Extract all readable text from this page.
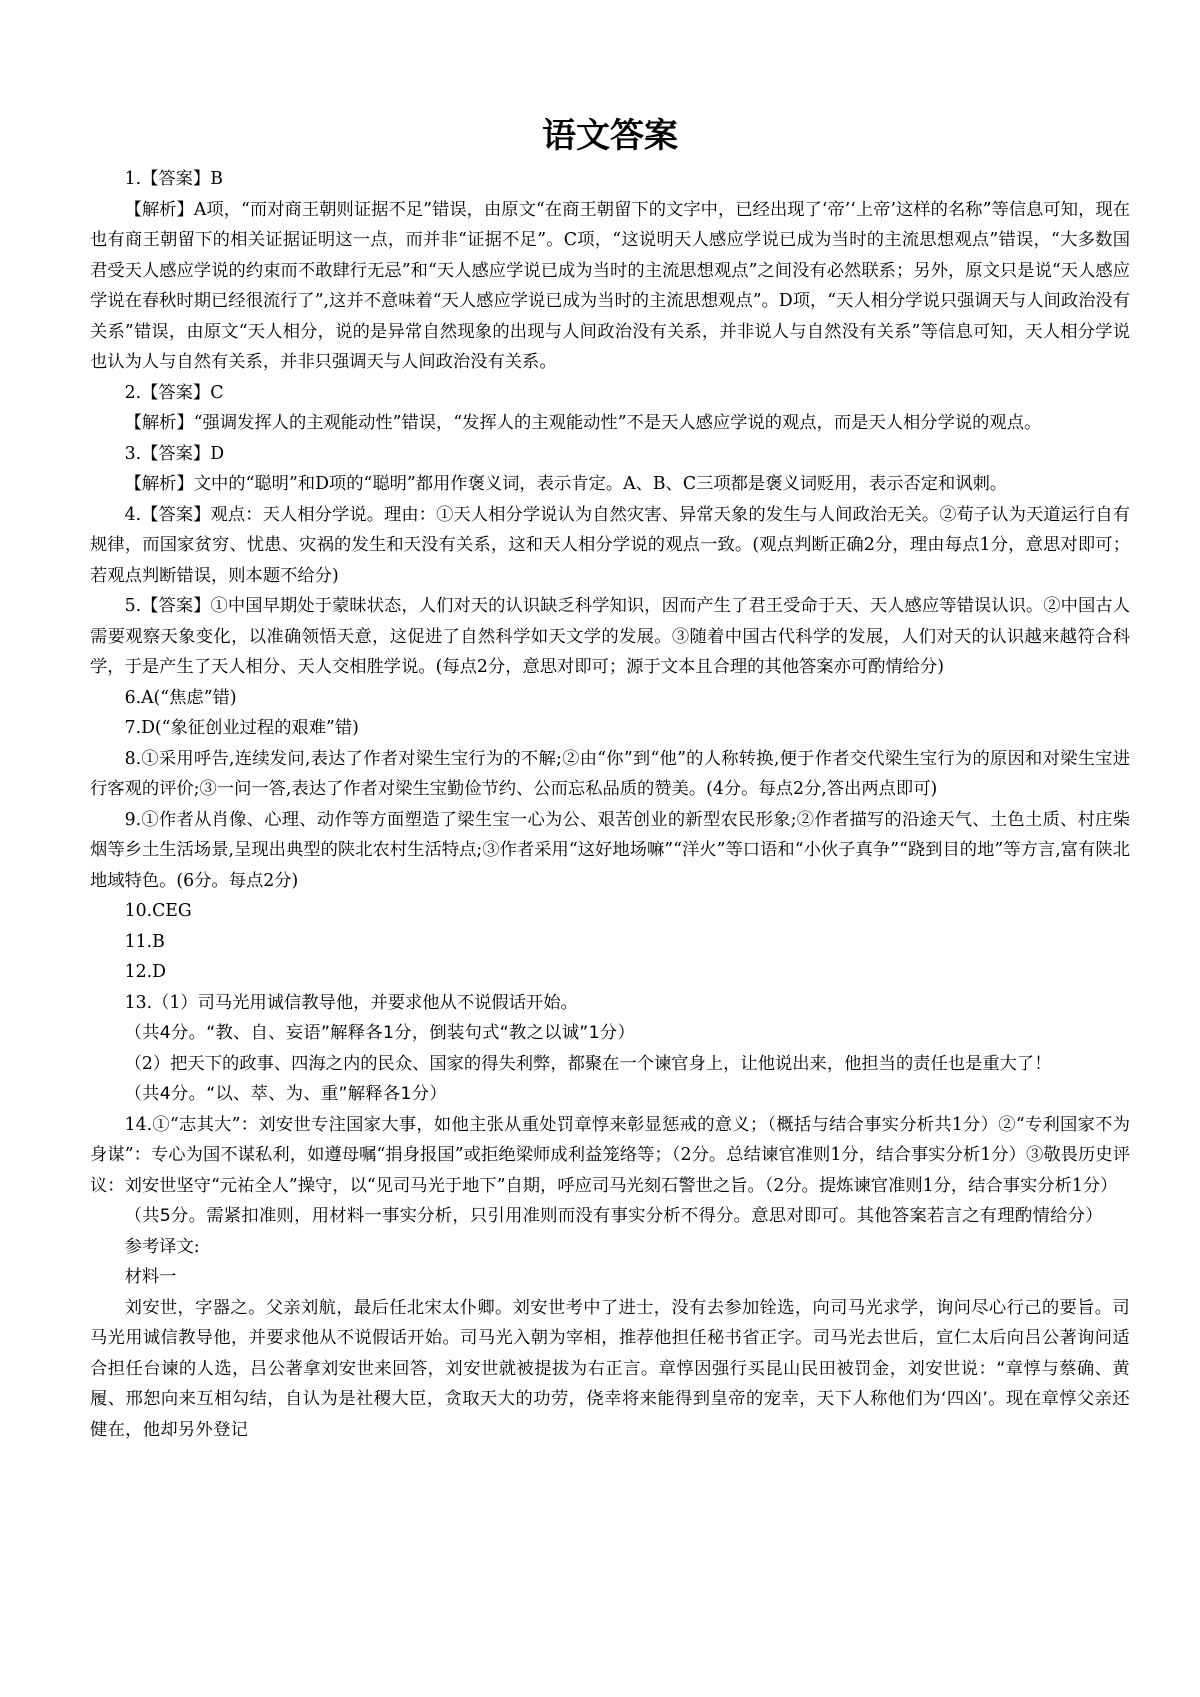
语文答案

1.【答案】B

【解析】A项，“而对商王朝则证据不足”错误，由原文“在商王朝留下的文字中，已经出现了‘帝’‘上帝’这样的名称”等信息可知，现在也有商王朝留下的相关证据证明这一点，而并非“证据不足”。C项，“这说明天人感应学说已成为当时的主流思想观点”错误，“大多数国君受天人感应学说的约束而不敢肆行无忌”和“天人感应学说已成为当时的主流思想观点”之间没有必然联系；另外，原文只是说“天人感应学说在春秋时期已经很流行了”,这并不意味着“天人感应学说已成为当时的主流思想观点”。D项，“天人相分学说只强调天与人间政治没有关系”错误，由原文“天人相分，说的是异常自然现象的出现与人间政治没有关系，并非说人与自然没有关系”等信息可知，天人相分学说也认为人与自然有关系，并非只强调天与人间政治没有关系。

2.【答案】C

【解析】“强调发挥人的主观能动性”错误，“发挥人的主观能动性”不是天人感应学说的观点，而是天人相分学说的观点。

3.【答案】D

【解析】文中的“聪明”和D项的“聪明”都用作褒义词，表示肯定。A、B、C三项都是褒义词贬用，表示否定和讽刺。

4.【答案】观点：天人相分学说。理由：①天人相分学说认为自然灾害、异常天象的发生与人间政治无关。②荀子认为天道运行自有规律，而国家贫穷、忧患、灾祸的发生和天没有关系，这和天人相分学说的观点一致。(观点判断正确2分，理由每点1分，意思对即可；若观点判断错误，则本题不给分)

5.【答案】①中国早期处于蒙昧状态，人们对天的认识缺乏科学知识，因而产生了君王受命于天、天人感应等错误认识。②中国古人需要观察天象变化，以准确领悟天意，这促进了自然科学如天文学的发展。③随着中国古代科学的发展，人们对天的认识越来越符合科学，于是产生了天人相分、天人交相胜学说。(每点2分，意思对即可；源于文本且合理的其他答案亦可酌情给分)

6.A(“焦虑”错)

7.D(“象征创业过程的艰难”错)

8.①采用呼告,连续发问,表达了作者对梁生宝行为的不解;②由“你”到“他”的人称转换,便于作者交代梁生宝行为的原因和对梁生宝进行客观的评价;③一问一答,表达了作者对梁生宝勤俭节约、公而忘私品质的赞美。(4分。每点2分,答出两点即可)

9.①作者从肖像、心理、动作等方面塑造了梁生宝一心为公、艰苦创业的新型农民形象;②作者描写的沿途天气、土色土质、村庄柴烟等乡土生活场景,呈现出典型的陕北农村生活特点;③作者采用“这好地场嘛”“洋火”等口语和“小伙子真争”“跷到目的地”等方言,富有陕北地域特色。(6分。每点2分)

10.CEG

11.B

12.D

13.（1）司马光用诚信教导他，并要求他从不说假话开始。

（共4分。“教、自、妄语”解释各1分，倒装句式“教之以诚”1分）

（2）把天下的政事、四海之内的民众、国家的得失利弊，都聚在一个谏官身上，让他说出来，他担当的责任也是重大了！

（共4分。“以、萃、为、重”解释各1分）

14.①“志其大”：刘安世专注国家大事，如他主张从重处罚章惇来彰显惩戒的意义；（概括与结合事实分析共1分）②“专利国家不为身谋”：专心为国不谋私利，如遵母嘱“捐身报国”或拒绝梁师成利益笼络等；（2分。总结谏官准则1分，结合事实分析1分）③敬畏历史评议：刘安世坚守“元祐全人”操守，以“见司马光于地下”自期，呼应司马光刻石警世之旨。（2分。提炼谏官准则1分，结合事实分析1分）

（共5分。需紧扣准则，用材料一事实分析，只引用准则而没有事实分析不得分。意思对即可。其他答案若言之有理酌情给分）

参考译文:

材料一

刘安世，字器之。父亲刘航，最后任北宋太仆卿。刘安世考中了进士，没有去参加铨选，向司马光求学，询问尽心行己的要旨。司马光用诚信教导他，并要求他从不说假话开始。司马光入朝为宰相，推荐他担任秘书省正字。司马光去世后，宣仁太后向吕公著询问适合担任台谏的人选，吕公著拿刘安世来回答，刘安世就被提拔为右正言。章惇因强行买昆山民田被罚金，刘安世说：“章惇与蔡确、黄履、邢恕向来互相勾结，自认为是社稷大臣，贪取天大的功劳，侥幸将来能得到皇帝的宠幸，天下人称他们为‘四凶’。现在章惇父亲还健在，他却另外登记
